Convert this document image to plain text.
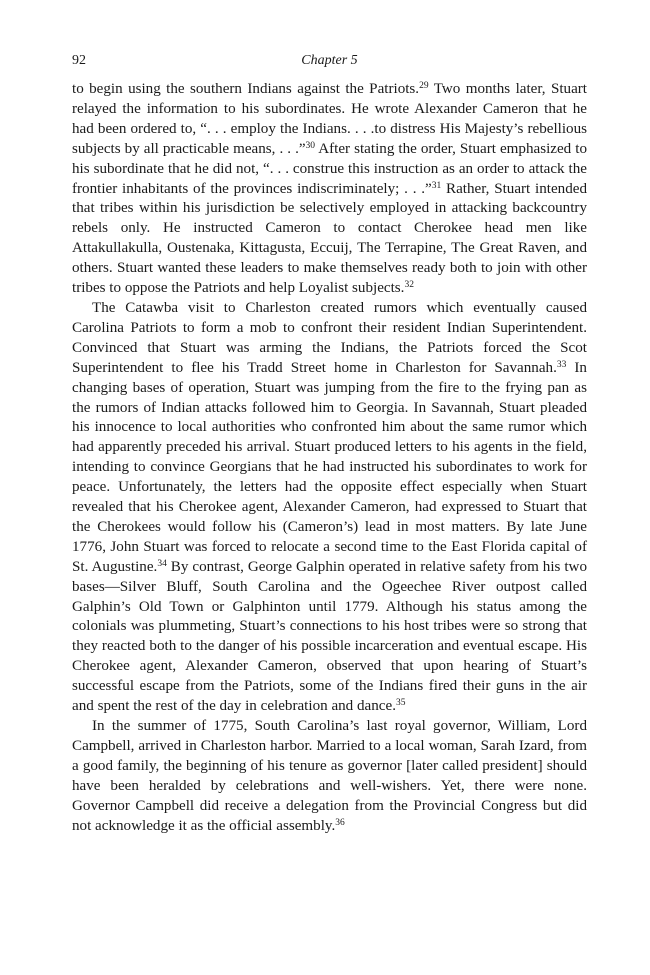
92	Chapter 5

to begin using the southern Indians against the Patriots.$^{29}$ Two months later, Stuart relayed the information to his subordinates. He wrote Alexander Cameron that he had been ordered to, “. . . employ the Indians. . . .to distress His Majesty’s rebellious subjects by all practicable means, . . .”$^{30}$ After stating the order, Stuart emphasized to his subordinate that he did not, “. . . construe this instruction as an order to attack the frontier inhabitants of the provinces indiscriminately; . . .”$^{31}$ Rather, Stuart intended that tribes within his jurisdiction be selectively employed in attacking backcountry rebels only. He instructed Cameron to contact Cherokee head men like Attakullakulla, Oustenaka, Kittagusta, Eccuij, The Terrapine, The Great Raven, and others. Stuart wanted these leaders to make themselves ready both to join with other tribes to oppose the Patriots and help Loyalist subjects.$^{32}$

The Catawba visit to Charleston created rumors which eventually caused Carolina Patriots to form a mob to confront their resident Indian Superintendent. Convinced that Stuart was arming the Indians, the Patriots forced the Scot Superintendent to flee his Tradd Street home in Charleston for Savannah.$^{33}$ In changing bases of operation, Stuart was jumping from the fire to the frying pan as the rumors of Indian attacks followed him to Georgia. In Savannah, Stuart pleaded his innocence to local authorities who confronted him about the same rumor which had apparently preceded his arrival. Stuart produced letters to his agents in the field, intending to convince Georgians that he had instructed his subordinates to work for peace. Unfortunately, the letters had the opposite effect especially when Stuart revealed that his Cherokee agent, Alexander Cameron, had expressed to Stuart that the Cherokees would follow his (Cameron’s) lead in most matters. By late June 1776, John Stuart was forced to relocate a second time to the East Florida capital of St. Augustine.$^{34}$ By contrast, George Galphin operated in relative safety from his two bases—Silver Bluff, South Carolina and the Ogeechee River outpost called Galphin’s Old Town or Galphinton until 1779. Although his status among the colonials was plummeting, Stuart’s connections to his host tribes were so strong that they reacted both to the danger of his possible incarceration and eventual escape. His Cherokee agent, Alexander Cameron, observed that upon hearing of Stuart’s successful escape from the Patriots, some of the Indians fired their guns in the air and spent the rest of the day in celebration and dance.$^{35}$

In the summer of 1775, South Carolina’s last royal governor, William, Lord Campbell, arrived in Charleston harbor. Married to a local woman, Sarah Izard, from a good family, the beginning of his tenure as governor [later called president] should have been heralded by celebrations and well-wishers. Yet, there were none. Governor Campbell did receive a delegation from the Provincial Congress but did not acknowledge it as the official assembly.$^{36}$
